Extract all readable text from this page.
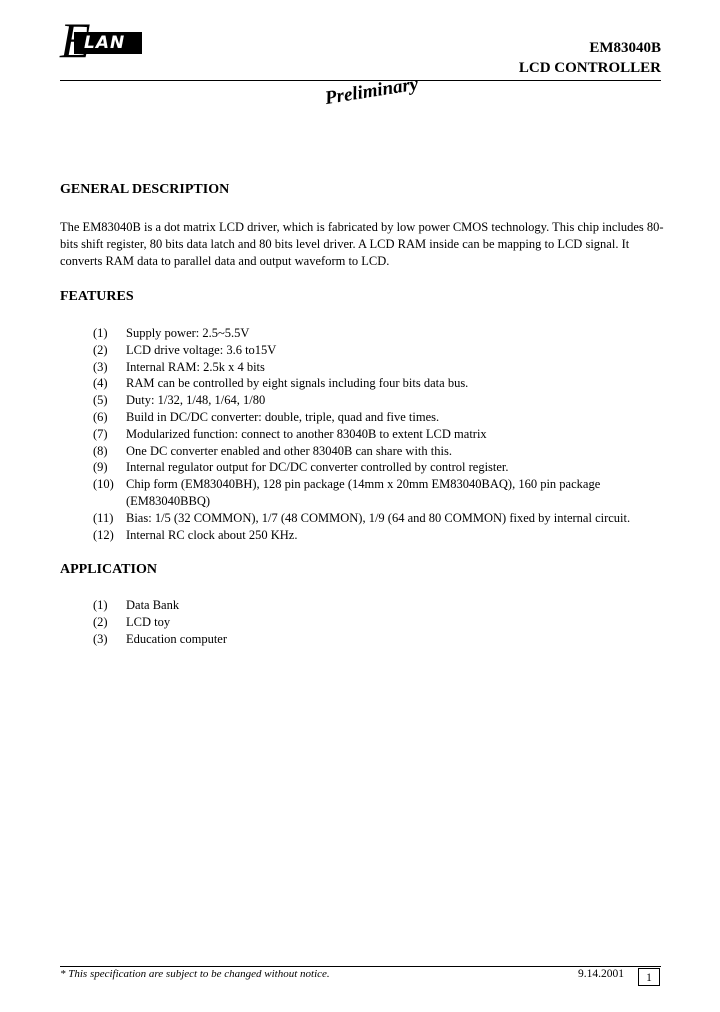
LAN
E	EM83040B
LCD CONTROLLER
Preliminary
GENERAL DESCRIPTION
The EM83040B is a dot matrix LCD driver, which is fabricated by low power CMOS technology. This chip includes 80-bits shift register, 80 bits data latch and 80 bits level driver. A LCD RAM inside can be mapping to LCD signal. It converts RAM data to parallel data and output waveform to LCD.
FEATURES
(1)	Supply power: 2.5~5.5V
(2)	LCD drive voltage: 3.6 to15V
(3)	Internal RAM: 2.5k x 4 bits
(4)	RAM can be controlled by eight signals including four bits data bus.
(5)	Duty: 1/32, 1/48, 1/64, 1/80
(6)	Build in DC/DC converter: double, triple, quad and five times.
(7)	Modularized function: connect to another 83040B to extent LCD matrix
(8)	One DC converter enabled and other 83040B can share with this.
(9)	Internal regulator output for DC/DC converter controlled by control register.
(10) Chip form (EM83040BH), 128 pin package (14mm x 20mm EM83040BAQ), 160 pin package (EM83040BBQ)
(11)	Bias: 1/5 (32 COMMON), 1/7 (48 COMMON), 1/9 (64 and 80 COMMON) fixed by internal circuit.
(12) Internal RC clock about 250 KHz.
APPLICATION
(1)	Data Bank
(2)	LCD toy
(3)	Education computer
* This specification are subject to be changed without notice.	9.14.2001	1
